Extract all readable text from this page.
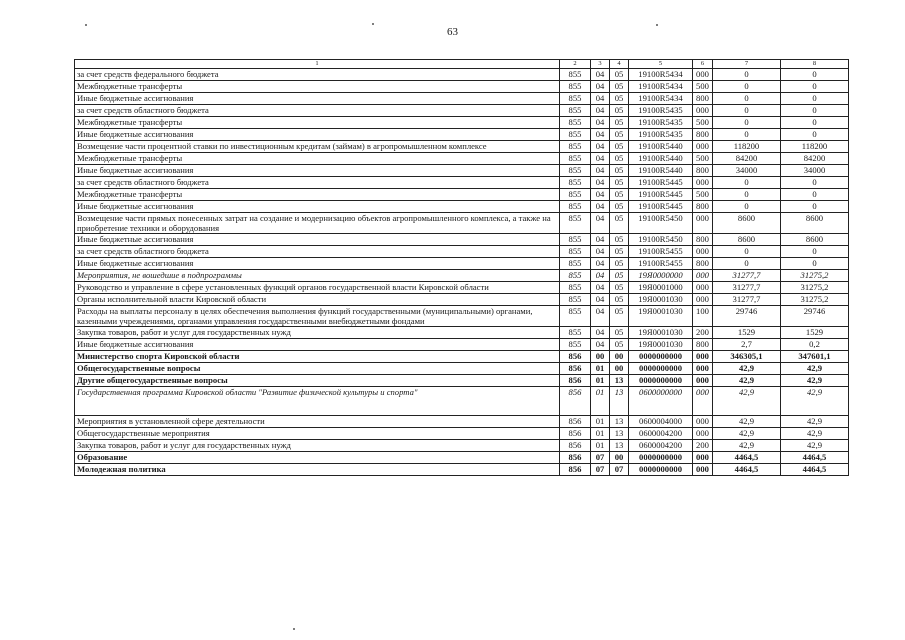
63
1	2	3	4	5	6	7	8
за счет средств федерального бюджета	855	04	05	19100R5434	000	0	0
Межбюджетные трансферты	855	04	05	19100R5434	500	0	0
Иные бюджетные ассигнования	855	04	05	19100R5434	800	0	0
за счет средств областного бюджета	855	04	05	19100R5435	000	0	0
Межбюджетные трансферты	855	04	05	19100R5435	500	0	0
Иные бюджетные ассигнования	855	04	05	19100R5435	800	0	0
Возмещение части процентной ставки по инвестиционным кредитам (займам) в агропромышленном комплексе	855	04	05	19100R5440	000	118200	118200
Межбюджетные трансферты	855	04	05	19100R5440	500	84200	84200
Иные бюджетные ассигнования	855	04	05	19100R5440	800	34000	34000
за счет средств областного бюджета	855	04	05	19100R5445	000	0	0
Межбюджетные трансферты	855	04	05	19100R5445	500	0	0
Иные бюджетные ассигнования	855	04	05	19100R5445	800	0	0
Возмещение части прямых понесенных затрат на создание и модернизацию объектов агропромышленного комплекса, а также на приобретение техники и оборудования	855	04	05	19100R5450	000	8600	8600
Иные бюджетные ассигнования	855	04	05	19100R5450	800	8600	8600
за счет средств областного бюджета	855	04	05	19100R5455	000	0	0
Иные бюджетные ассигнования	855	04	05	19100R5455	800	0	0
Мероприятия, не вошедшие в подпрограммы	855	04	05	19Я0000000	000	31277,7	31275,2
Руководство и управление в сфере установленных функций органов государственной власти Кировской области	855	04	05	19Я0001000	000	31277,7	31275,2
Органы исполнительной власти Кировской области	855	04	05	19Я0001030	000	31277,7	31275,2
Расходы на выплаты персоналу в целях обеспечения выполнения функций государственными (муниципальными) органами, казенными учреждениями, органами управления государственными внебюджетными фондами	855	04	05	19Я0001030	100	29746	29746
Закупка товаров, работ и услуг для государственных нужд	855	04	05	19Я0001030	200	1529	1529
Иные бюджетные ассигнования	855	04	05	19Я0001030	800	2,7	0,2
Министерство спорта Кировской области	856	00	00	0000000000	000	346305,1	347601,1
Общегосударственные вопросы	856	01	00	0000000000	000	42,9	42,9
Другие общегосударственные вопросы	856	01	13	0000000000	000	42,9	42,9
Государственная программа Кировской области "Развитие физической культуры и спорта"	856	01	13	0600000000	000	42,9	42,9
Мероприятия в установленной сфере деятельности	856	01	13	0600004000	000	42,9	42,9
Общегосударственные мероприятия	856	01	13	0600004200	000	42,9	42,9
Закупка товаров, работ и услуг для государственных нужд	856	01	13	0600004200	200	42,9	42,9
Образование	856	07	00	0000000000	000	4464,5	4464,5
Молодежная политика	856	07	07	0000000000	000	4464,5	4464,5
